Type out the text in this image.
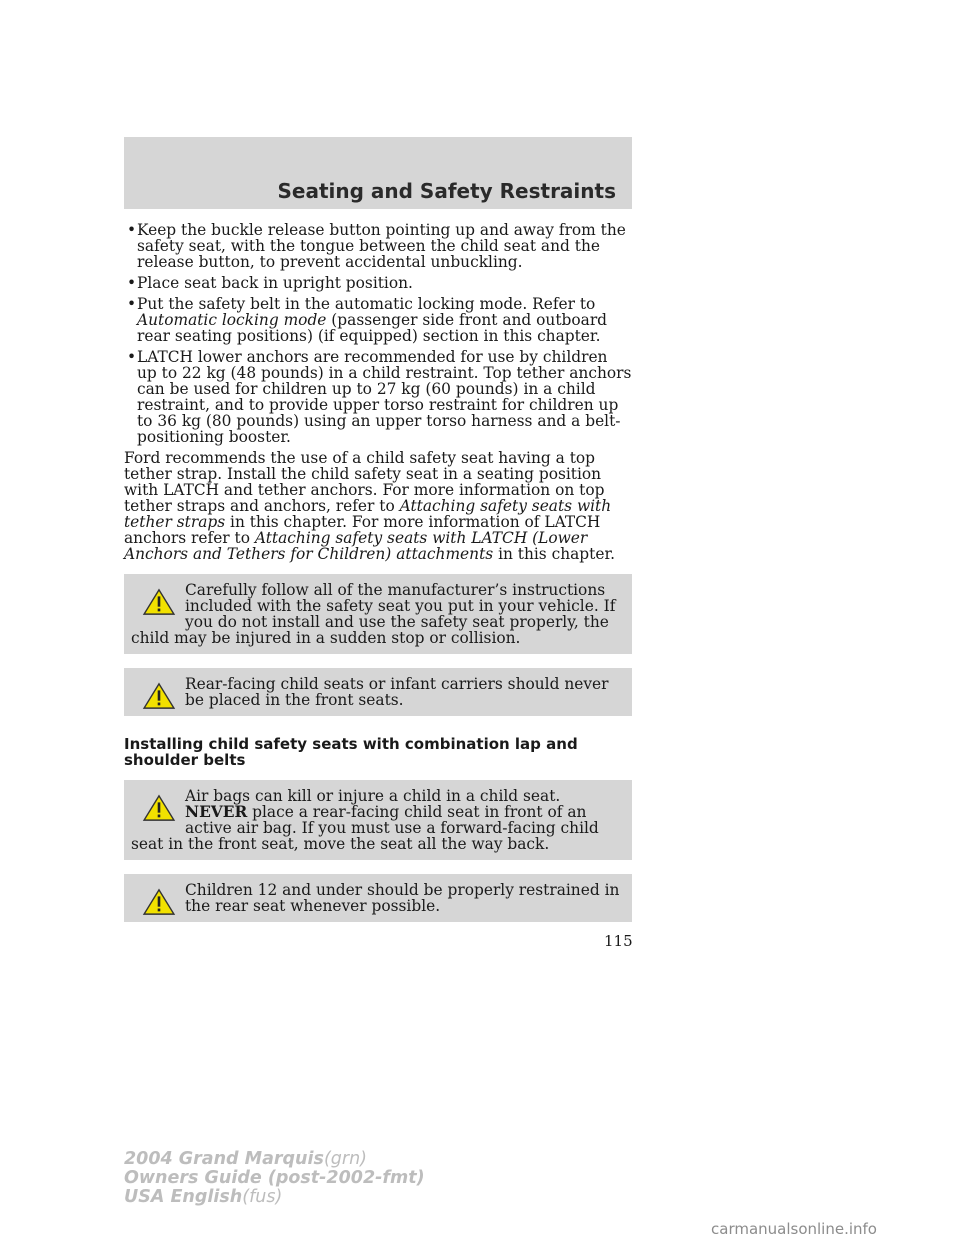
Seating and Safety Restraints
• Keep the buckle release button pointing up and away from the safety seat, with the tongue between the child seat and the release button, to prevent accidental unbuckling.
• Place seat back in upright position.
• Put the safety belt in the automatic locking mode. Refer to Automatic locking mode (passenger side front and outboard rear seating positions) (if equipped) section in this chapter.
• LATCH lower anchors are recommended for use by children up to 22 kg (48 pounds) in a child restraint. Top tether anchors can be used for children up to 27 kg (60 pounds) in a child restraint, and to provide upper torso restraint for children up to 36 kg (80 pounds) using an upper torso harness and a belt-positioning booster.

Ford recommends the use of a child safety seat having a top tether strap. Install the child safety seat in a seating position with LATCH and tether anchors. For more information on top tether straps and anchors, refer to Attaching safety seats with tether straps in this chapter. For more information of LATCH anchors refer to Attaching safety seats with LATCH (Lower Anchors and Tethers for Children) attachments in this chapter.

Carefully follow all of the manufacturer’s instructions included with the safety seat you put in your vehicle. If you do not install and use the safety seat properly, the child may be injured in a sudden stop or collision.
Rear-facing child seats or infant carriers should never be placed in the front seats.
Installing child safety seats with combination lap and shoulder belts
Air bags can kill or injure a child in a child seat. NEVER place a rear-facing child seat in front of an active air bag. If you must use a forward-facing child seat in the front seat, move the seat all the way back.
Children 12 and under should be properly restrained in the rear seat whenever possible.
115
2004 Grand Marquis(grn)
Owners Guide (post-2002-fmt)
USA English(fus)
carmanualsonline.info
